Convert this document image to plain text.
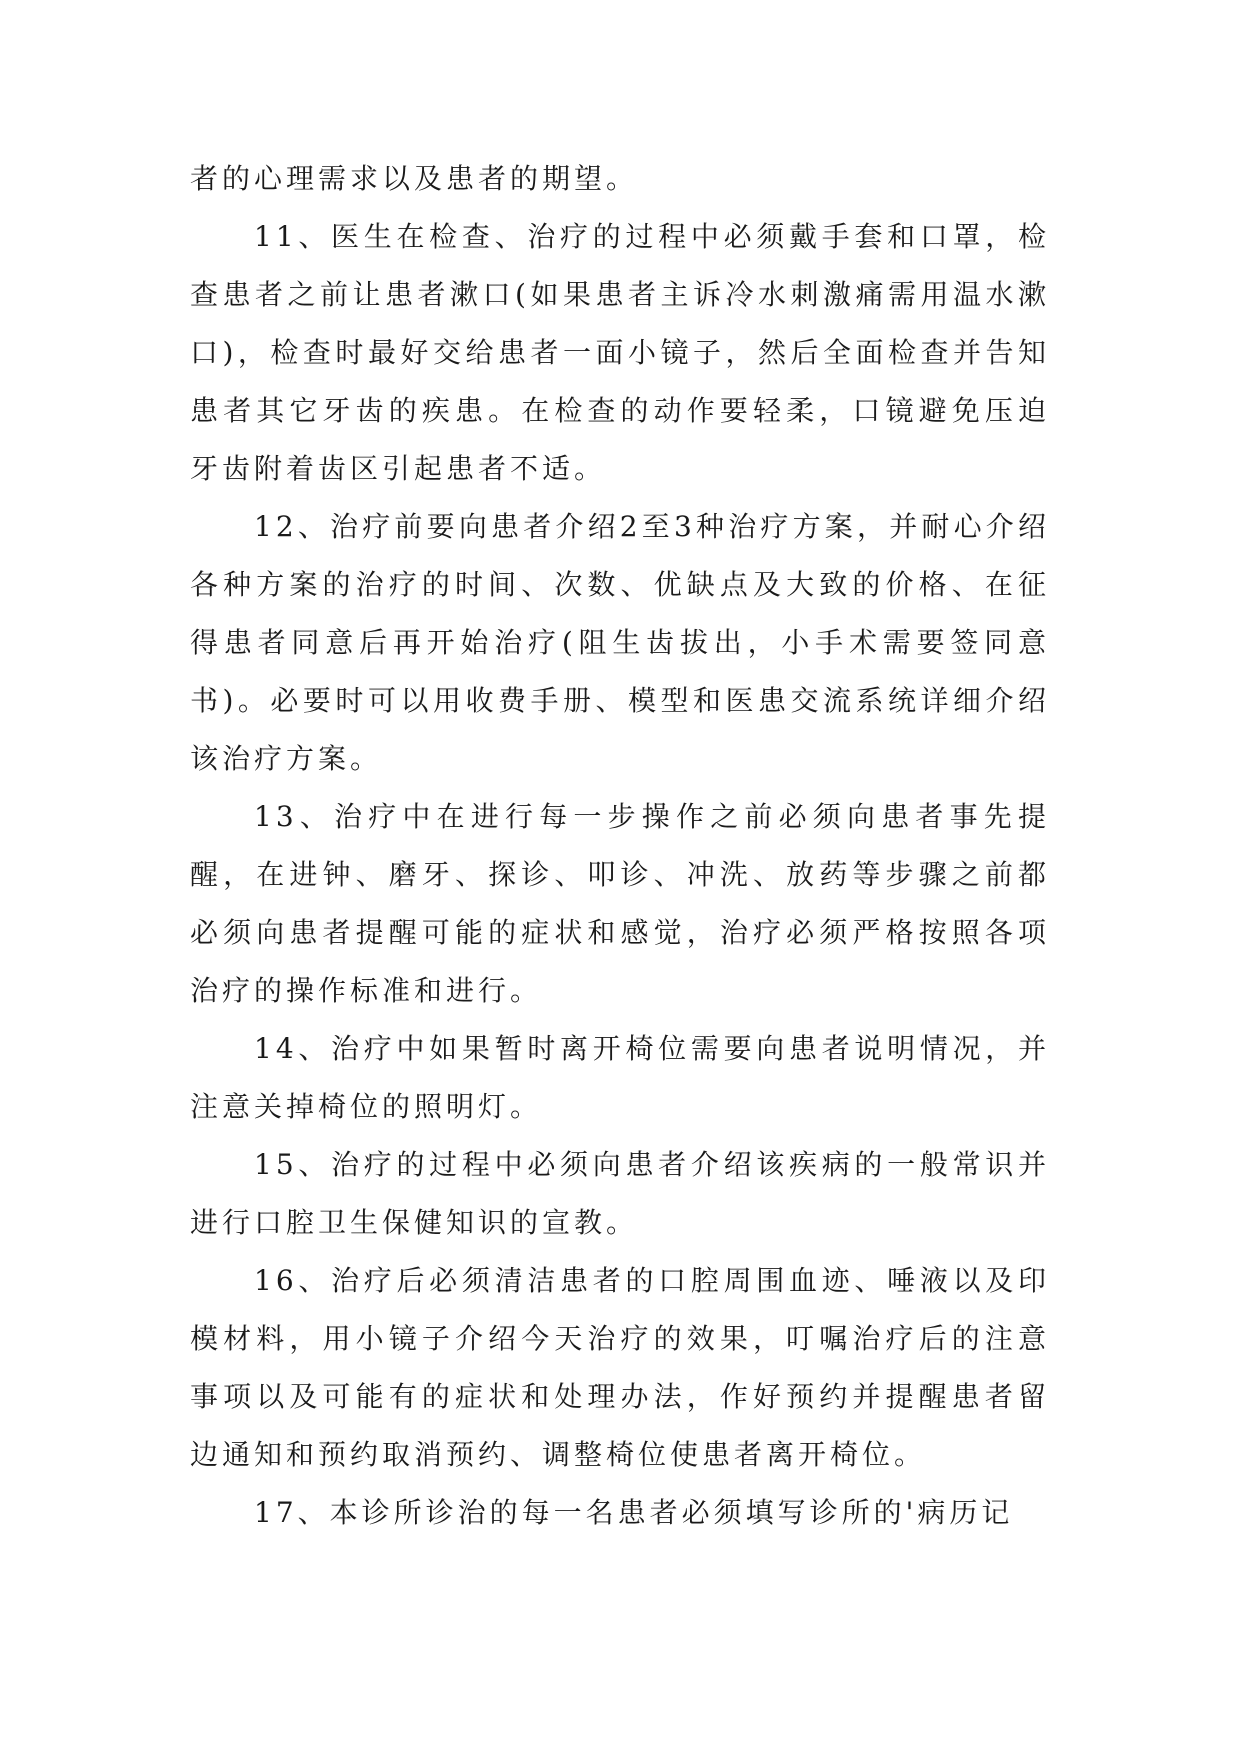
者的心理需求以及患者的期望。

11、医生在检查、治疗的过程中必须戴手套和口罩，检查患者之前让患者漱口(如果患者主诉冷水刺激痛需用温水漱口)，检查时最好交给患者一面小镜子，然后全面检查并告知患者其它牙齿的疾患。在检查的动作要轻柔，口镜避免压迫牙齿附着齿区引起患者不适。

12、治疗前要向患者介绍2至3种治疗方案，并耐心介绍各种方案的治疗的时间、次数、优缺点及大致的价格、在征得患者同意后再开始治疗(阻生齿拔出，小手术需要签同意书)。必要时可以用收费手册、模型和医患交流系统详细介绍该治疗方案。

13、治疗中在进行每一步操作之前必须向患者事先提醒，在进钟、磨牙、探诊、叩诊、冲洗、放药等步骤之前都必须向患者提醒可能的症状和感觉，治疗必须严格按照各项治疗的操作标准和进行。

14、治疗中如果暂时离开椅位需要向患者说明情况，并注意关掉椅位的照明灯。

15、治疗的过程中必须向患者介绍该疾病的一般常识并进行口腔卫生保健知识的宣教。

16、治疗后必须清洁患者的口腔周围血迹、唾液以及印模材料，用小镜子介绍今天治疗的效果，叮嘱治疗后的注意事项以及可能有的症状和处理办法，作好预约并提醒患者留边通知和预约取消预约、调整椅位使患者离开椅位。

17、本诊所诊治的每一名患者必须填写诊所的'病历记
